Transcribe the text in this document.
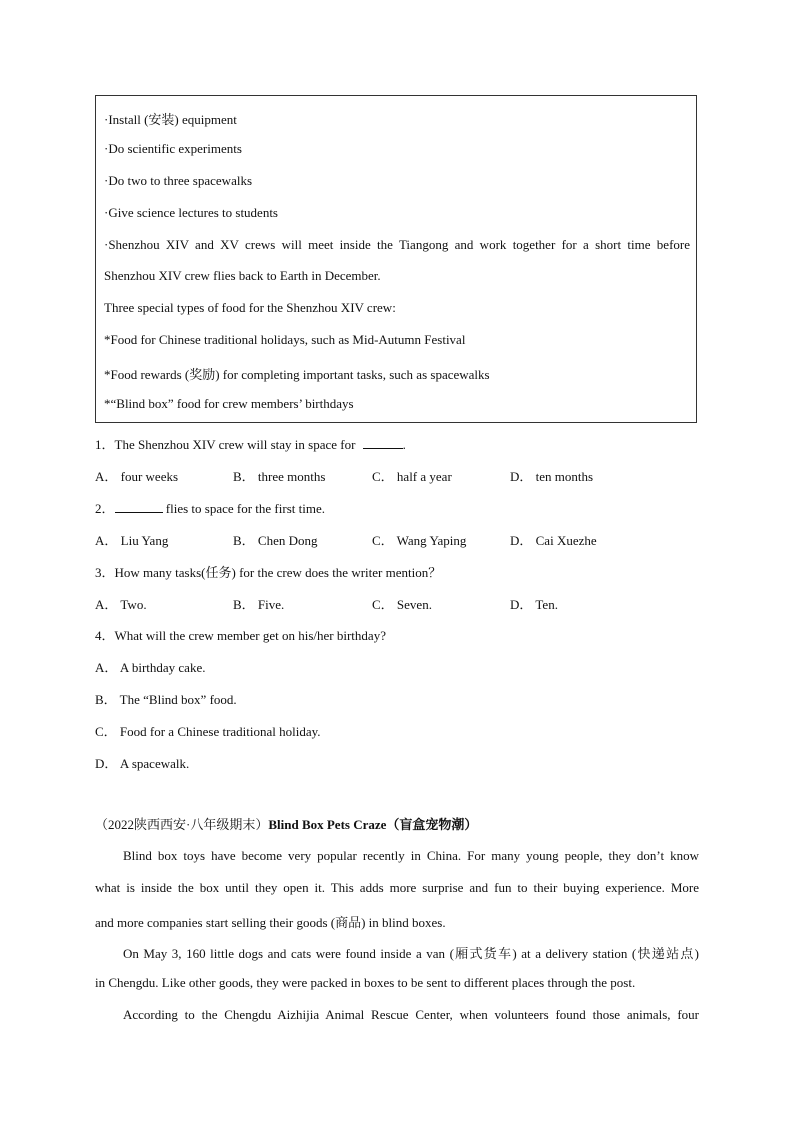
·Install (安装) equipment
·Do scientific experiments
·Do two to three spacewalks
·Give science lectures to students
·Shenzhou XIV and XV crews will meet inside the Tiangong and work together for a short time before
Shenzhou XIV crew flies back to Earth in December.
Three special types of food for the Shenzhou XIV crew:
*Food for Chinese traditional holidays, such as Mid-Autumn Festival
*Food rewards (奖励) for completing important tasks, such as spacewalks
*“Blind box” food for crew members’ birthdays
1．The Shenzhou XIV crew will stay in space for	.
A． four weeks	B． three months	C． half a year	D． ten months
2．	flies to space for the first time.
A． Liu Yang	B． Chen Dong	C． Wang Yaping	D． Cai Xuezhe
3．How many tasks(任务) for the crew does the writer mention？
A． Two.	B． Five.	C． Seven.	D． Ten.
4．What will the crew member get on his/her birthday?
A． A birthday cake.
B． The “Blind box” food.
C． Food for a Chinese traditional holiday.
D． A spacewalk.
（2022陕西西安·八年级期末）Blind Box Pets Craze（盲盒宠物潮）
Blind box toys have become very popular recently in China. For many young people, they don’t know
what is inside the box until they open it. This adds more surprise and fun to their buying experience. More
and more companies start selling their goods (商品) in blind boxes.
On May 3, 160 little dogs and cats were found inside a van (厢式货车) at a delivery station (快递站点)
in Chengdu. Like other goods, they were packed in boxes to be sent to different places through the post.
According to the Chengdu Aizhijia Animal Rescue Center, when volunteers found those animals, four
